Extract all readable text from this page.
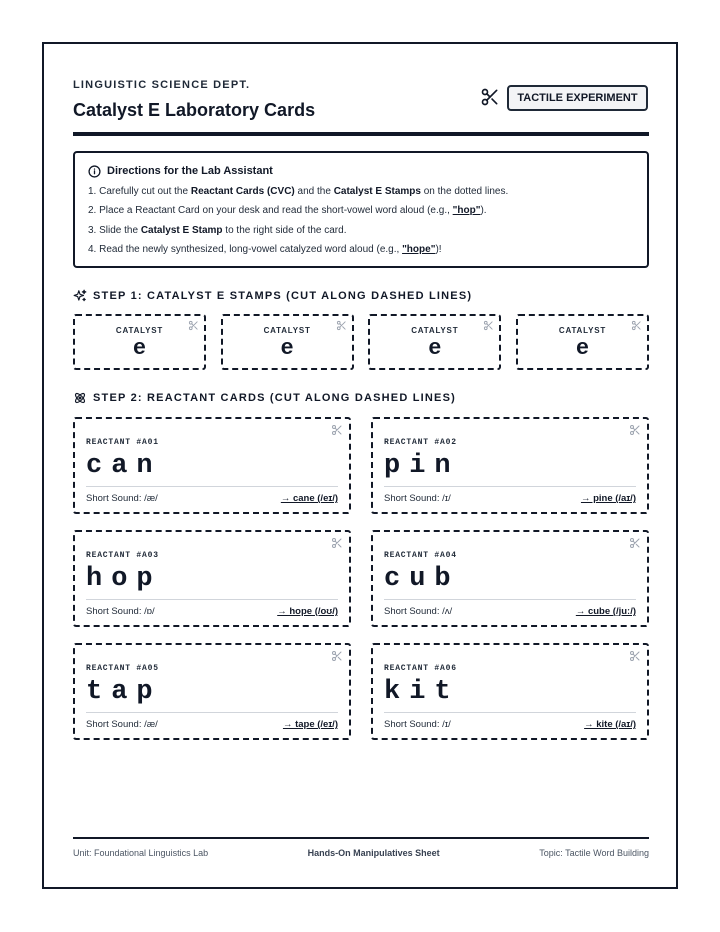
LINGUISTIC SCIENCE DEPT.
Catalyst E Laboratory Cards
TACTILE EXPERIMENT
Directions for the Lab Assistant
1. Carefully cut out the Reactant Cards (CVC) and the Catalyst E Stamps on the dotted lines.
2. Place a Reactant Card on your desk and read the short-vowel word aloud (e.g., "hop").
3. Slide the Catalyst E Stamp to the right side of the card.
4. Read the newly synthesized, long-vowel catalyzed word aloud (e.g., "hope")!
STEP 1: CATALYST E STAMPS (CUT ALONG DASHED LINES)
CATALYST
e
CATALYST
e
CATALYST
e
CATALYST
e
STEP 2: REACTANT CARDS (CUT ALONG DASHED LINES)
REACTANT #A01
can
Short Sound: /æ/	→ cane (/eɪ/)
REACTANT #A02
pin
Short Sound: /ɪ/	→ pine (/aɪ/)
REACTANT #A03
hop
Short Sound: /ɒ/	→ hope (/oʊ/)
REACTANT #A04
cub
Short Sound: /ʌ/	→ cube (/juː/)
REACTANT #A05
tap
Short Sound: /æ/	→ tape (/eɪ/)
REACTANT #A06
kit
Short Sound: /ɪ/	→ kite (/aɪ/)
Unit: Foundational Linguistics Lab	Hands-On Manipulatives Sheet	Topic: Tactile Word Building
